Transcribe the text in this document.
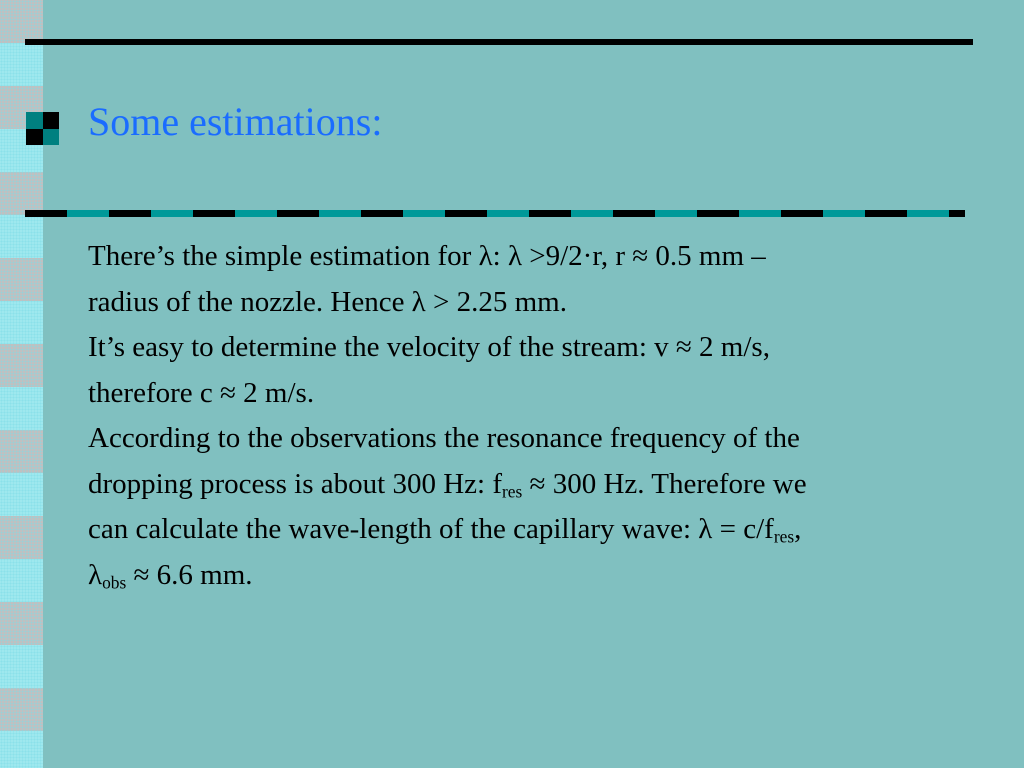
Some estimations:

There’s the simple estimation for λ: λ >9/2·r, r ≈ 0.5 mm –
radius of the nozzle. Hence λ > 2.25 mm.

It’s easy to determine the velocity of the stream: v ≈ 2 m/s,
therefore c ≈ 2 m/s.

According to the observations the resonance frequency of the
dropping process is about 300 Hz: $f_{res} \approx 300$ Hz. Therefore we
can calculate the wave-length of the capillary wave: $\lambda = c/f_{res}$,
$\lambda_{obs} \approx 6.6$ mm.
